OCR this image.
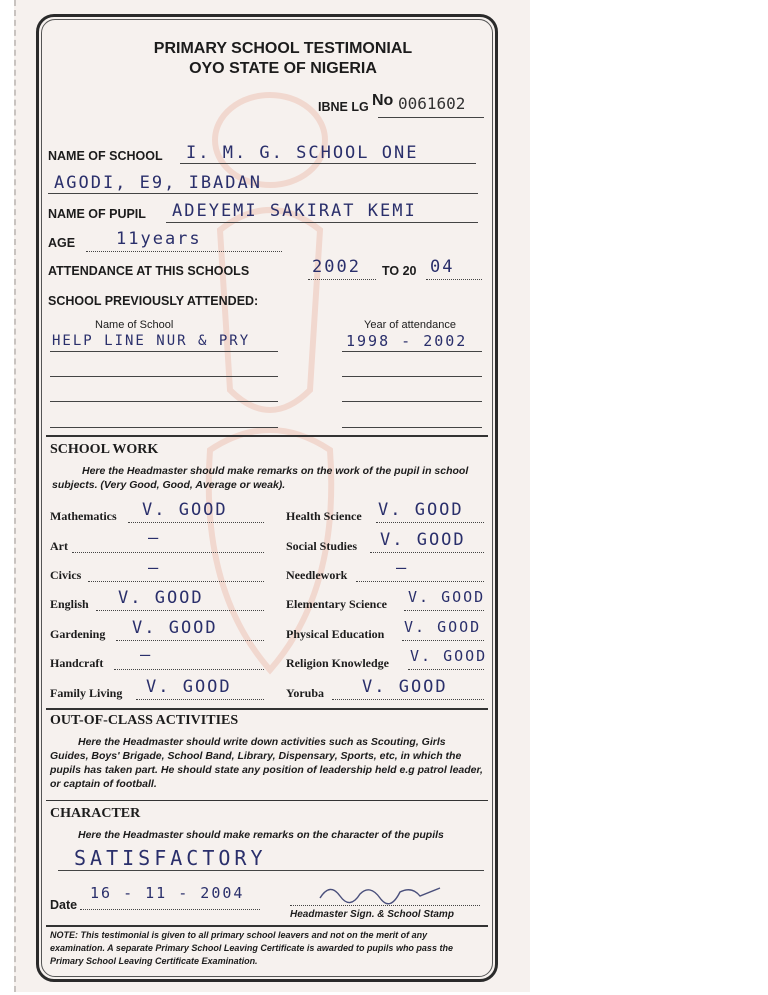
PRIMARY SCHOOL TESTIMONIAL
OYO STATE OF NIGERIA
IBNE LG No 0061602
NAME OF SCHOOL I. M. G. SCHOOL ONE
AGODI, E9, IBADAN
NAME OF PUPIL ADEYEMI SAKIRAT KEMI
AGE 11years
ATTENDANCE AT THIS SCHOOLS	2002 TO 20 04
SCHOOL PREVIOUSLY ATTENDED:
Name of School	Year of attendance
HELP LINE NUR & PRY	1998 - 2002
SCHOOL WORK
Here the Headmaster should make remarks on the work of the pupil in school subjects. (Very Good, Good, Average or weak).
Mathematics V. GOOD
Art	—
Civics	—
English V. GOOD
Gardening V. GOOD
Handcraft —
Family Living V. GOOD
Health Science V. GOOD
Social Studies V. GOOD
Needlework	—
Elementary Science V. GOOD
Physical Education V. GOOD
Religion Knowledge V. GOOD
Yoruba V. GOOD
OUT-OF-CLASS ACTIVITIES
Here the Headmaster should write down activities such as Scouting, Girls Guides, Boys' Brigade, School Band, Library, Dispensary, Sports, etc, in which the pupils has taken part. He should state any position of leadership held e.g patrol leader, or captain of football.
CHARACTER
Here the Headmaster should make remarks on the character of the pupils
SATISFACTORY
Date
16 - 11 - 2004
Headmaster Sign. & School Stamp
NOTE: This testimonial is given to all primary school leavers and not on the merit of any examination. A separate Primary School Leaving Certificate is awarded to pupils who pass the Primary School Leaving Certificate Examination.
